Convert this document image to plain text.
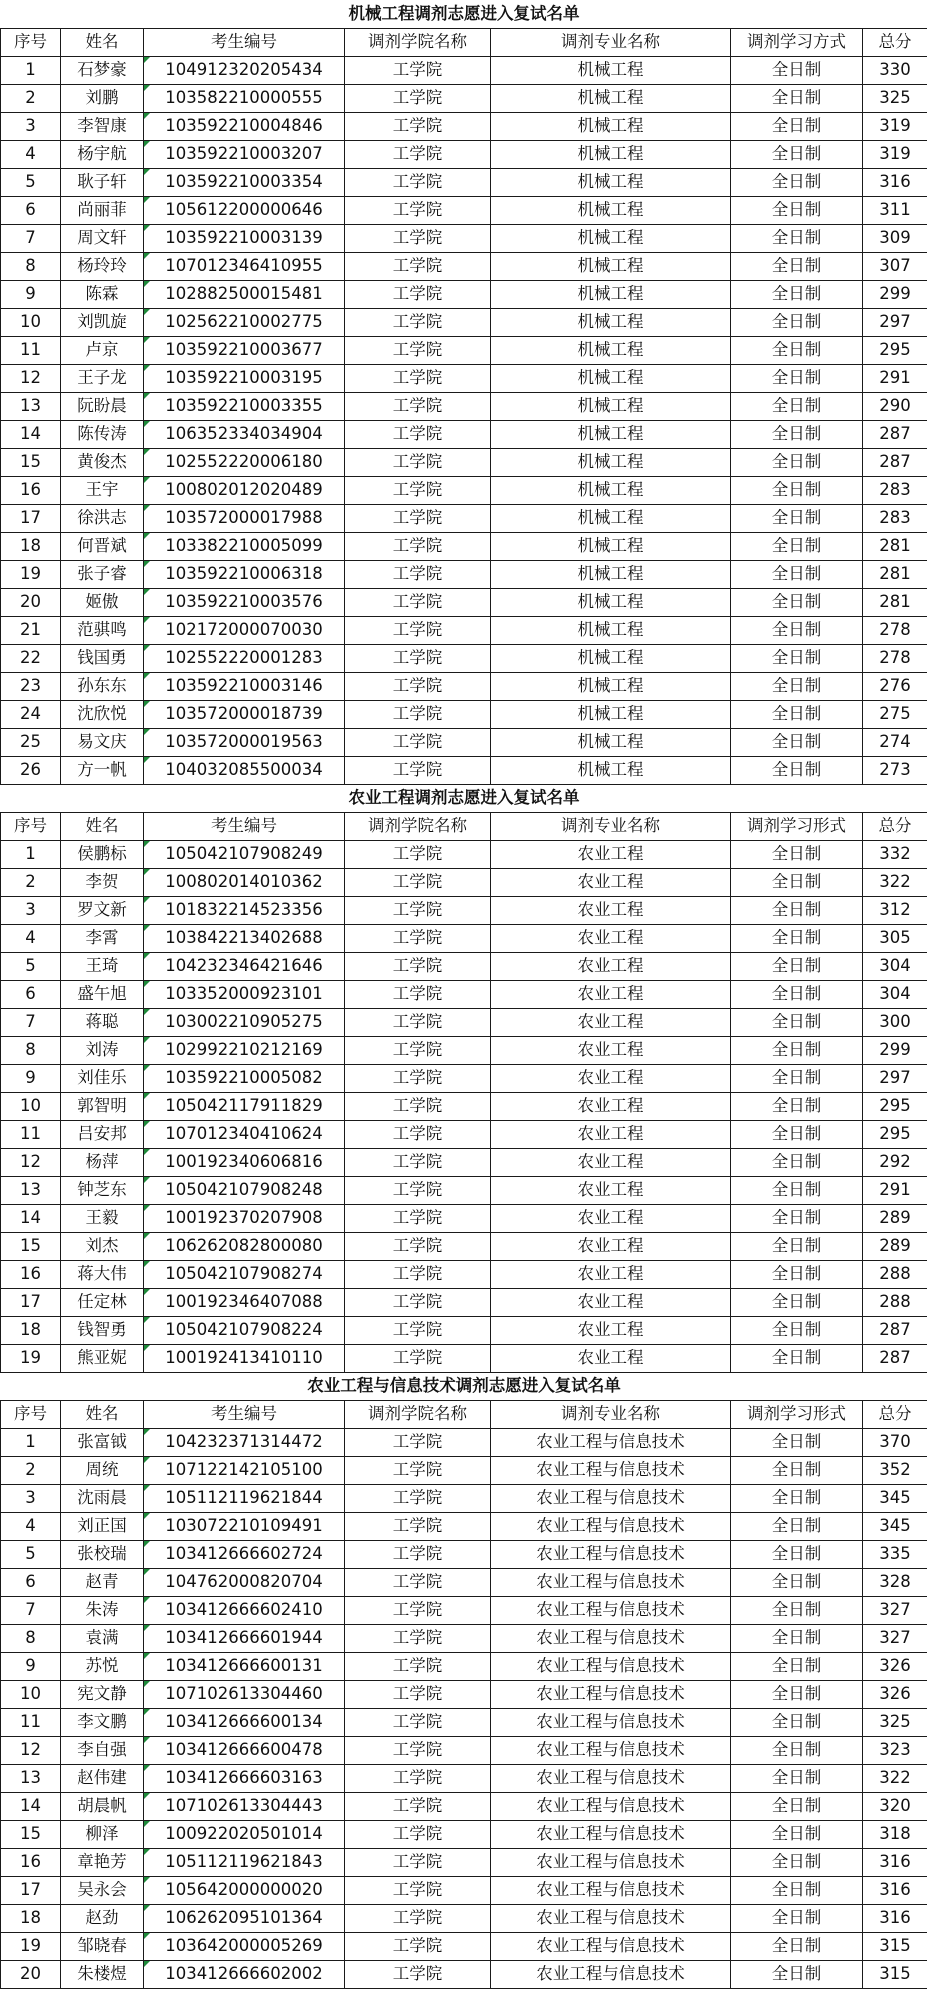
机械工程调剂志愿进入复试名单						
序号	姓名	考生编号	调剂学院名称	调剂专业名称	调剂学习方式	总分
1	石梦豪	104912320205434	工学院	机械工程	全日制	330
2	刘鹏	103582210000555	工学院	机械工程	全日制	325
3	李智康	103592210004846	工学院	机械工程	全日制	319
4	杨宇航	103592210003207	工学院	机械工程	全日制	319
5	耿子轩	103592210003354	工学院	机械工程	全日制	316
6	尚丽菲	105612200000646	工学院	机械工程	全日制	311
7	周文轩	103592210003139	工学院	机械工程	全日制	309
8	杨玲玲	107012346410955	工学院	机械工程	全日制	307
9	陈霖	102882500015481	工学院	机械工程	全日制	299
10	刘凯旋	102562210002775	工学院	机械工程	全日制	297
11	卢京	103592210003677	工学院	机械工程	全日制	295
12	王子龙	103592210003195	工学院	机械工程	全日制	291
13	阮盼晨	103592210003355	工学院	机械工程	全日制	290
14	陈传涛	106352334034904	工学院	机械工程	全日制	287
15	黄俊杰	102552220006180	工学院	机械工程	全日制	287
16	王宇	100802012020489	工学院	机械工程	全日制	283
17	徐洪志	103572000017988	工学院	机械工程	全日制	283
18	何晋斌	103382210005099	工学院	机械工程	全日制	281
19	张子睿	103592210006318	工学院	机械工程	全日制	281
20	姬傲	103592210003576	工学院	机械工程	全日制	281
21	范骐鸣	102172000070030	工学院	机械工程	全日制	278
22	钱国勇	102552220001283	工学院	机械工程	全日制	278
23	孙东东	103592210003146	工学院	机械工程	全日制	276
24	沈欣悦	103572000018739	工学院	机械工程	全日制	275
25	易文庆	103572000019563	工学院	机械工程	全日制	274
26	方一帆	104032085500034	工学院	机械工程	全日制	273
农业工程调剂志愿进入复试名单						
序号	姓名	考生编号	调剂学院名称	调剂专业名称	调剂学习形式	总分
1	侯鹏标	105042107908249	工学院	农业工程	全日制	332
2	李贺	100802014010362	工学院	农业工程	全日制	322
3	罗文新	101832214523356	工学院	农业工程	全日制	312
4	李霄	103842213402688	工学院	农业工程	全日制	305
5	王琦	104232346421646	工学院	农业工程	全日制	304
6	盛午旭	103352000923101	工学院	农业工程	全日制	304
7	蒋聪	103002210905275	工学院	农业工程	全日制	300
8	刘涛	102992210212169	工学院	农业工程	全日制	299
9	刘佳乐	103592210005082	工学院	农业工程	全日制	297
10	郭智明	105042117911829	工学院	农业工程	全日制	295
11	吕安邦	107012340410624	工学院	农业工程	全日制	295
12	杨萍	100192340606816	工学院	农业工程	全日制	292
13	钟芝东	105042107908248	工学院	农业工程	全日制	291
14	王毅	100192370207908	工学院	农业工程	全日制	289
15	刘杰	106262082800080	工学院	农业工程	全日制	289
16	蒋大伟	105042107908274	工学院	农业工程	全日制	288
17	任定林	100192346407088	工学院	农业工程	全日制	288
18	钱智勇	105042107908224	工学院	农业工程	全日制	287
19	熊亚妮	100192413410110	工学院	农业工程	全日制	287
农业工程与信息技术调剂志愿进入复试名单						
序号	姓名	考生编号	调剂学院名称	调剂专业名称	调剂学习形式	总分
1	张富钺	104232371314472	工学院	农业工程与信息技术	全日制	370
2	周统	107122142105100	工学院	农业工程与信息技术	全日制	352
3	沈雨晨	105112119621844	工学院	农业工程与信息技术	全日制	345
4	刘正国	103072210109491	工学院	农业工程与信息技术	全日制	345
5	张校瑞	103412666602724	工学院	农业工程与信息技术	全日制	335
6	赵青	104762000820704	工学院	农业工程与信息技术	全日制	328
7	朱涛	103412666602410	工学院	农业工程与信息技术	全日制	327
8	袁满	103412666601944	工学院	农业工程与信息技术	全日制	327
9	苏悦	103412666600131	工学院	农业工程与信息技术	全日制	326
10	宪文静	107102613304460	工学院	农业工程与信息技术	全日制	326
11	李文鹏	103412666600134	工学院	农业工程与信息技术	全日制	325
12	李自强	103412666600478	工学院	农业工程与信息技术	全日制	323
13	赵伟建	103412666603163	工学院	农业工程与信息技术	全日制	322
14	胡晨帆	107102613304443	工学院	农业工程与信息技术	全日制	320
15	柳泽	100922020501014	工学院	农业工程与信息技术	全日制	318
16	章艳芳	105112119621843	工学院	农业工程与信息技术	全日制	316
17	吴永会	105642000000020	工学院	农业工程与信息技术	全日制	316
18	赵劲	106262095101364	工学院	农业工程与信息技术	全日制	316
19	邹晓春	103642000005269	工学院	农业工程与信息技术	全日制	315
20	朱楼煜	103412666602002	工学院	农业工程与信息技术	全日制	315
